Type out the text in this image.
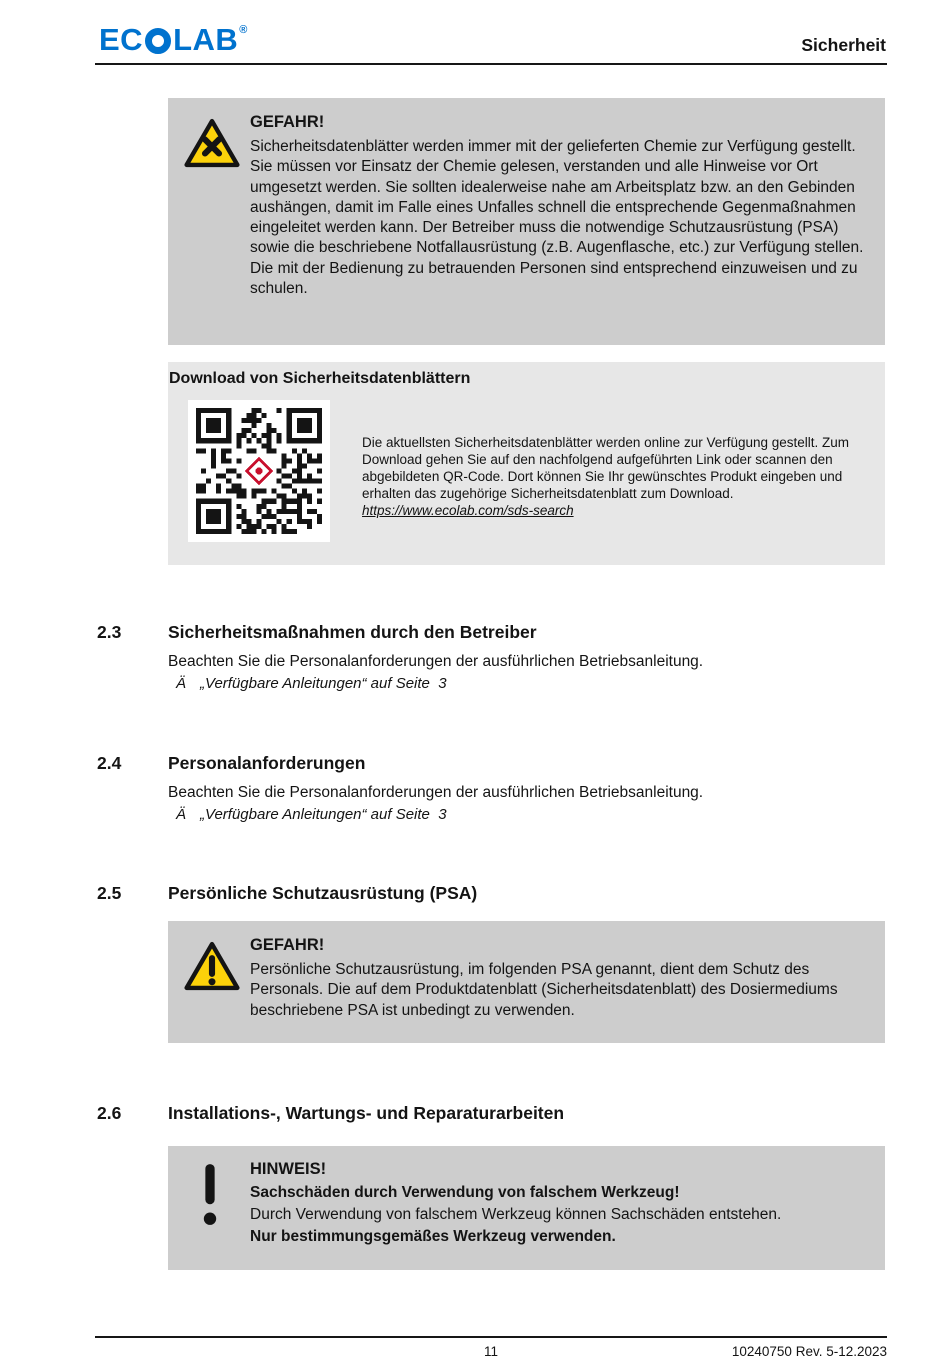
EC LAB ®
Sicherheit
GEFAHR!
Sicherheitsdatenblätter werden immer mit der gelieferten Chemie zur Verfügung gestellt. Sie müssen vor Einsatz der Chemie gelesen, verstanden und alle Hinweise vor Ort umgesetzt werden. Sie sollten idealerweise nahe am Arbeitsplatz bzw. an den Gebinden aushängen, damit im Falle eines Unfalles schnell die entsprechende Gegenmaßnahmen eingeleitet werden kann. Der Betreiber muss die notwendige Schutzausrüstung (PSA) sowie die beschriebene Notfallausrüstung (z.B. Augenflasche, etc.) zur Verfügung stellen. Die mit der Bedienung zu betrauenden Personen sind entsprechend einzuweisen und zu schulen.
Download von Sicherheitsdatenblättern
Die aktuellsten Sicherheitsdatenblätter werden online zur Verfügung gestellt. Zum Download gehen Sie auf den nachfolgend aufgeführten Link oder scannen den abgebildeten QR-Code. Dort können Sie Ihr gewünschtes Produkt eingeben und erhalten das zugehörige Sicherheitsdatenblatt zum Download.
https://www.ecolab.com/sds-search
2.3	Sicherheitsmaßnahmen durch den Betreiber

Beachten Sie die Personalanforderungen der ausführlichen Betriebsanleitung.

Ä „Verfügbare Anleitungen“ auf Seite  3

2.4	Personalanforderungen

Beachten Sie die Personalanforderungen der ausführlichen Betriebsanleitung.

Ä „Verfügbare Anleitungen“ auf Seite  3

2.5	Persönliche Schutzausrüstung (PSA)
GEFAHR!
Persönliche Schutzausrüstung, im folgenden PSA genannt, dient dem Schutz des Personals. Die auf dem Produktdatenblatt (Sicherheitsdatenblatt) des Dosiermediums beschriebene PSA ist unbedingt zu verwenden.
2.6	Installations-, Wartungs- und Reparaturarbeiten
HINWEIS!
Sachschäden durch Verwendung von falschem Werkzeug!
Durch Verwendung von falschem Werkzeug können Sachschäden entstehen.
Nur bestimmungsgemäßes Werkzeug verwenden.
11	10240750 Rev. 5-12.2023
